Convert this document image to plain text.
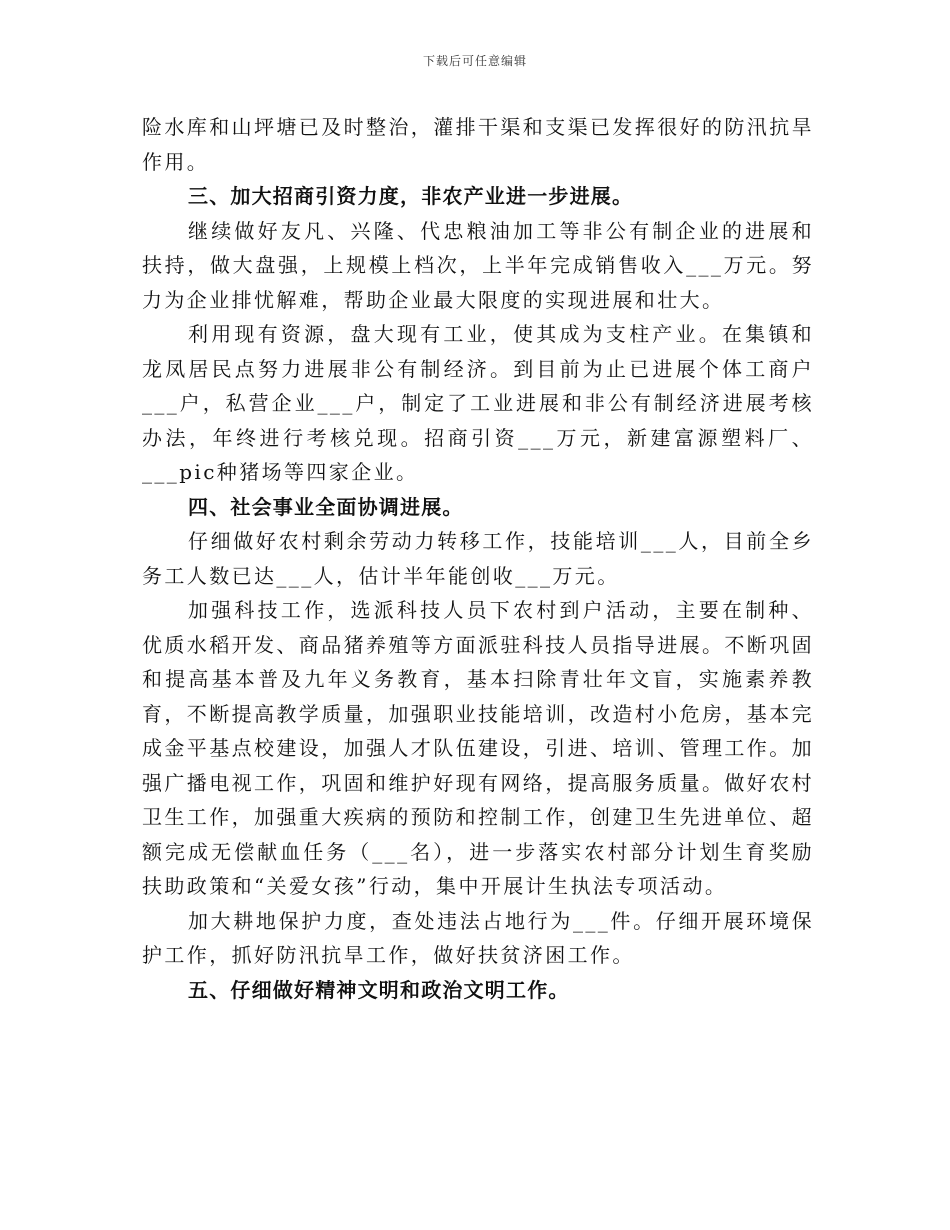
下载后可任意编辑

险水库和山坪塘已及时整治，灌排干渠和支渠已发挥很好的防汛抗旱作用。

三、加大招商引资力度，非农产业进一步进展。

继续做好友凡、兴隆、代忠粮油加工等非公有制企业的进展和扶持，做大盘强，上规模上档次，上半年完成销售收入___万元。努力为企业排忧解难，帮助企业最大限度的实现进展和壮大。

利用现有资源，盘大现有工业，使其成为支柱产业。在集镇和龙凤居民点努力进展非公有制经济。到目前为止已进展个体工商户___户，私营企业___户，制定了工业进展和非公有制经济进展考核办法，年终进行考核兑现。招商引资___万元，新建富源塑料厂、___pic种猪场等四家企业。

四、社会事业全面协调进展。

仔细做好农村剩余劳动力转移工作，技能培训___人，目前全乡务工人数已达___人，估计半年能创收___万元。

加强科技工作，选派科技人员下农村到户活动，主要在制种、优质水稻开发、商品猪养殖等方面派驻科技人员指导进展。不断巩固和提高基本普及九年义务教育，基本扫除青壮年文盲，实施素养教育，不断提高教学质量，加强职业技能培训，改造村小危房，基本完成金平基点校建设，加强人才队伍建设，引进、培训、管理工作。加强广播电视工作，巩固和维护好现有网络，提高服务质量。做好农村卫生工作，加强重大疾病的预防和控制工作，创建卫生先进单位、超额完成无偿献血任务（___名），进一步落实农村部分计划生育奖励扶助政策和“关爱女孩”行动，集中开展计生执法专项活动。

加大耕地保护力度，查处违法占地行为___件。仔细开展环境保护工作，抓好防汛抗旱工作，做好扶贫济困工作。

五、仔细做好精神文明和政治文明工作。
